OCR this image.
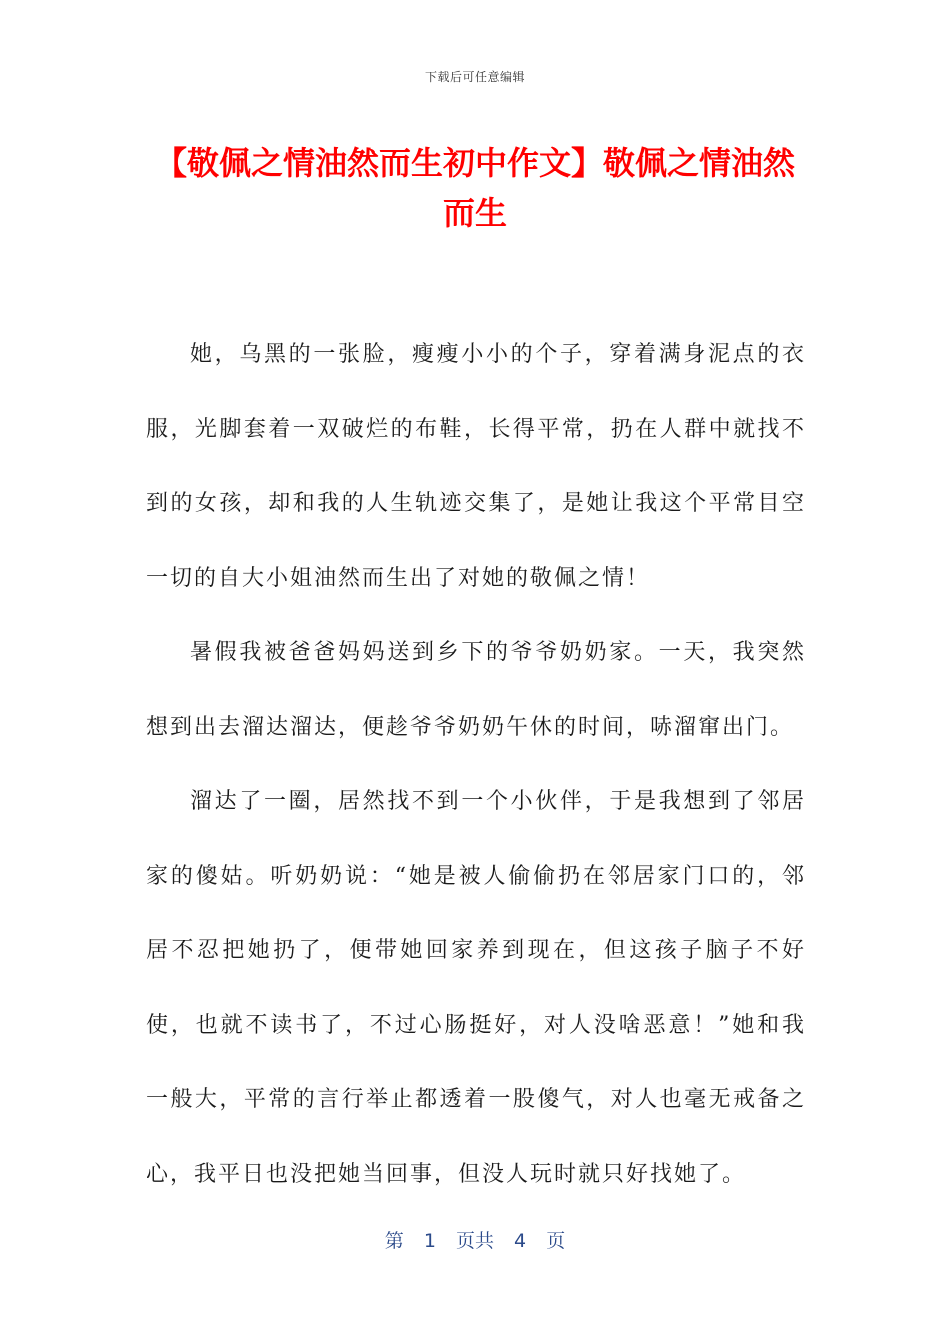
下载后可任意编辑
【敬佩之情油然而生初中作文】敬佩之情油然而生

她，乌黑的一张脸，瘦瘦小小的个子，穿着满身泥点的衣服，光脚套着一双破烂的布鞋，长得平常，扔在人群中就找不到的女孩，却和我的人生轨迹交集了，是她让我这个平常目空一切的自大小姐油然而生出了对她的敬佩之情！

暑假我被爸爸妈妈送到乡下的爷爷奶奶家。一天，我突然想到出去溜达溜达，便趁爷爷奶奶午休的时间，哧溜窜出门。

溜达了一圈，居然找不到一个小伙伴，于是我想到了邻居家的傻姑。听奶奶说：“她是被人偷偷扔在邻居家门口的，邻居不忍把她扔了，便带她回家养到现在，但这孩子脑子不好使，也就不读书了，不过心肠挺好，对人没啥恶意！”她和我一般大，平常的言行举止都透着一股傻气，对人也毫无戒备之心，我平日也没把她当回事，但没人玩时就只好找她了。

第 1 页共 4 页
